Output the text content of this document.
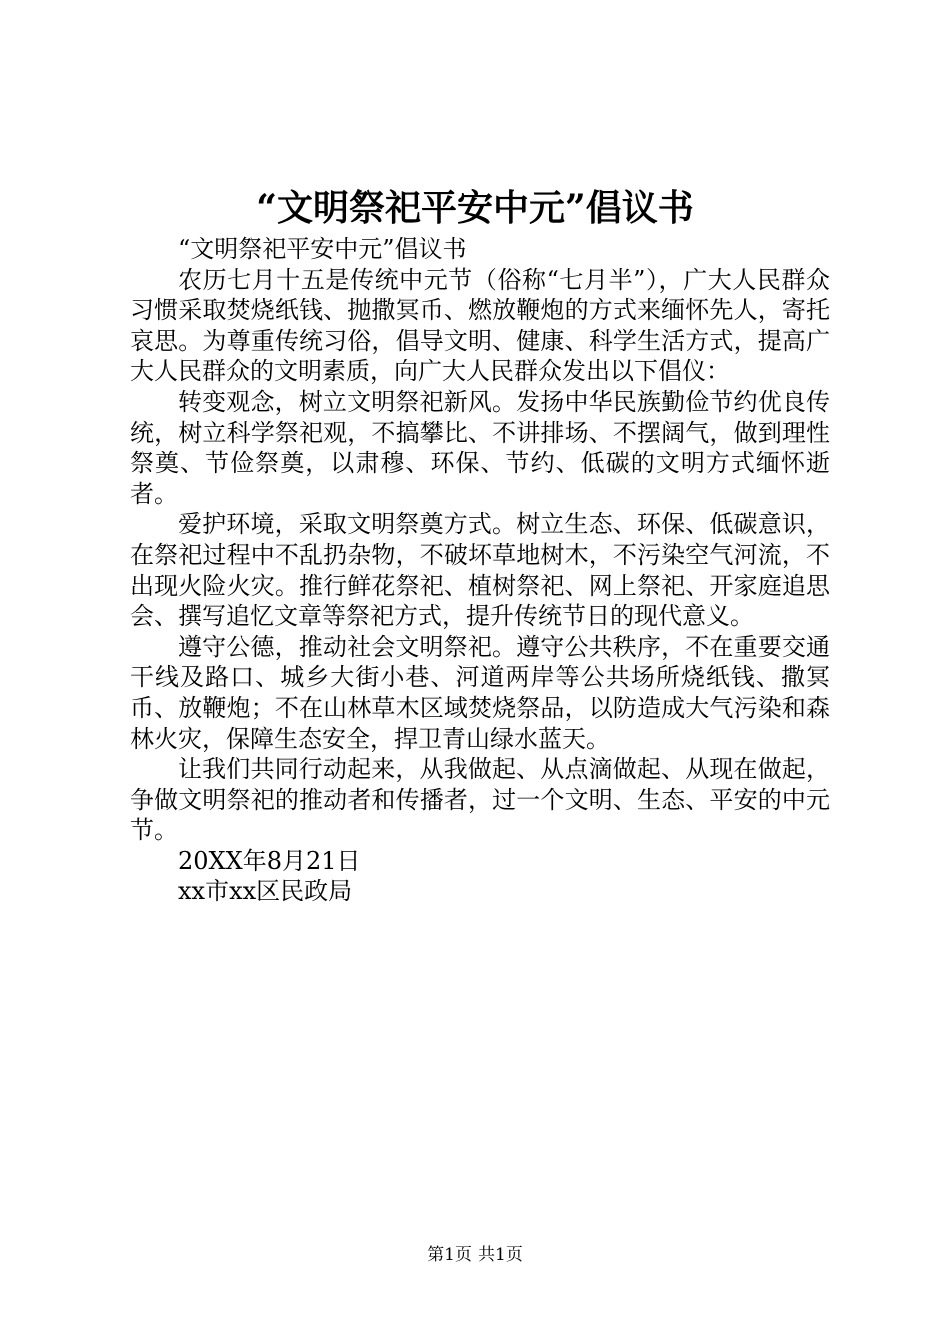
“文明祭祀平安中元”倡议书

“文明祭祀平安中元”倡议书

农历七月十五是传统中元节（俗称“七月半”），广大人民群众习惯采取焚烧纸钱、抛撒冥币、燃放鞭炮的方式来缅怀先人，寄托哀思。为尊重传统习俗，倡导文明、健康、科学生活方式，提高广大人民群众的文明素质，向广大人民群众发出以下倡仪：

转变观念，树立文明祭祀新风。发扬中华民族勤俭节约优良传统，树立科学祭祀观，不搞攀比、不讲排场、不摆阔气，做到理性祭奠、节俭祭奠，以肃穆、环保、节约、低碳的文明方式缅怀逝者。

爱护环境，采取文明祭奠方式。树立生态、环保、低碳意识，在祭祀过程中不乱扔杂物，不破坏草地树木，不污染空气河流，不出现火险火灾。推行鲜花祭祀、植树祭祀、网上祭祀、开家庭追思会、撰写追忆文章等祭祀方式，提升传统节日的现代意义。

遵守公德，推动社会文明祭祀。遵守公共秩序，不在重要交通干线及路口、城乡大街小巷、河道两岸等公共场所烧纸钱、撒冥币、放鞭炮；不在山林草木区域焚烧祭品，以防造成大气污染和森林火灾，保障生态安全，捍卫青山绿水蓝天。

让我们共同行动起来，从我做起、从点滴做起、从现在做起，争做文明祭祀的推动者和传播者，过一个文明、生态、平安的中元节。

20XX年8月21日

xx市xx区民政局

第1页 共1页
